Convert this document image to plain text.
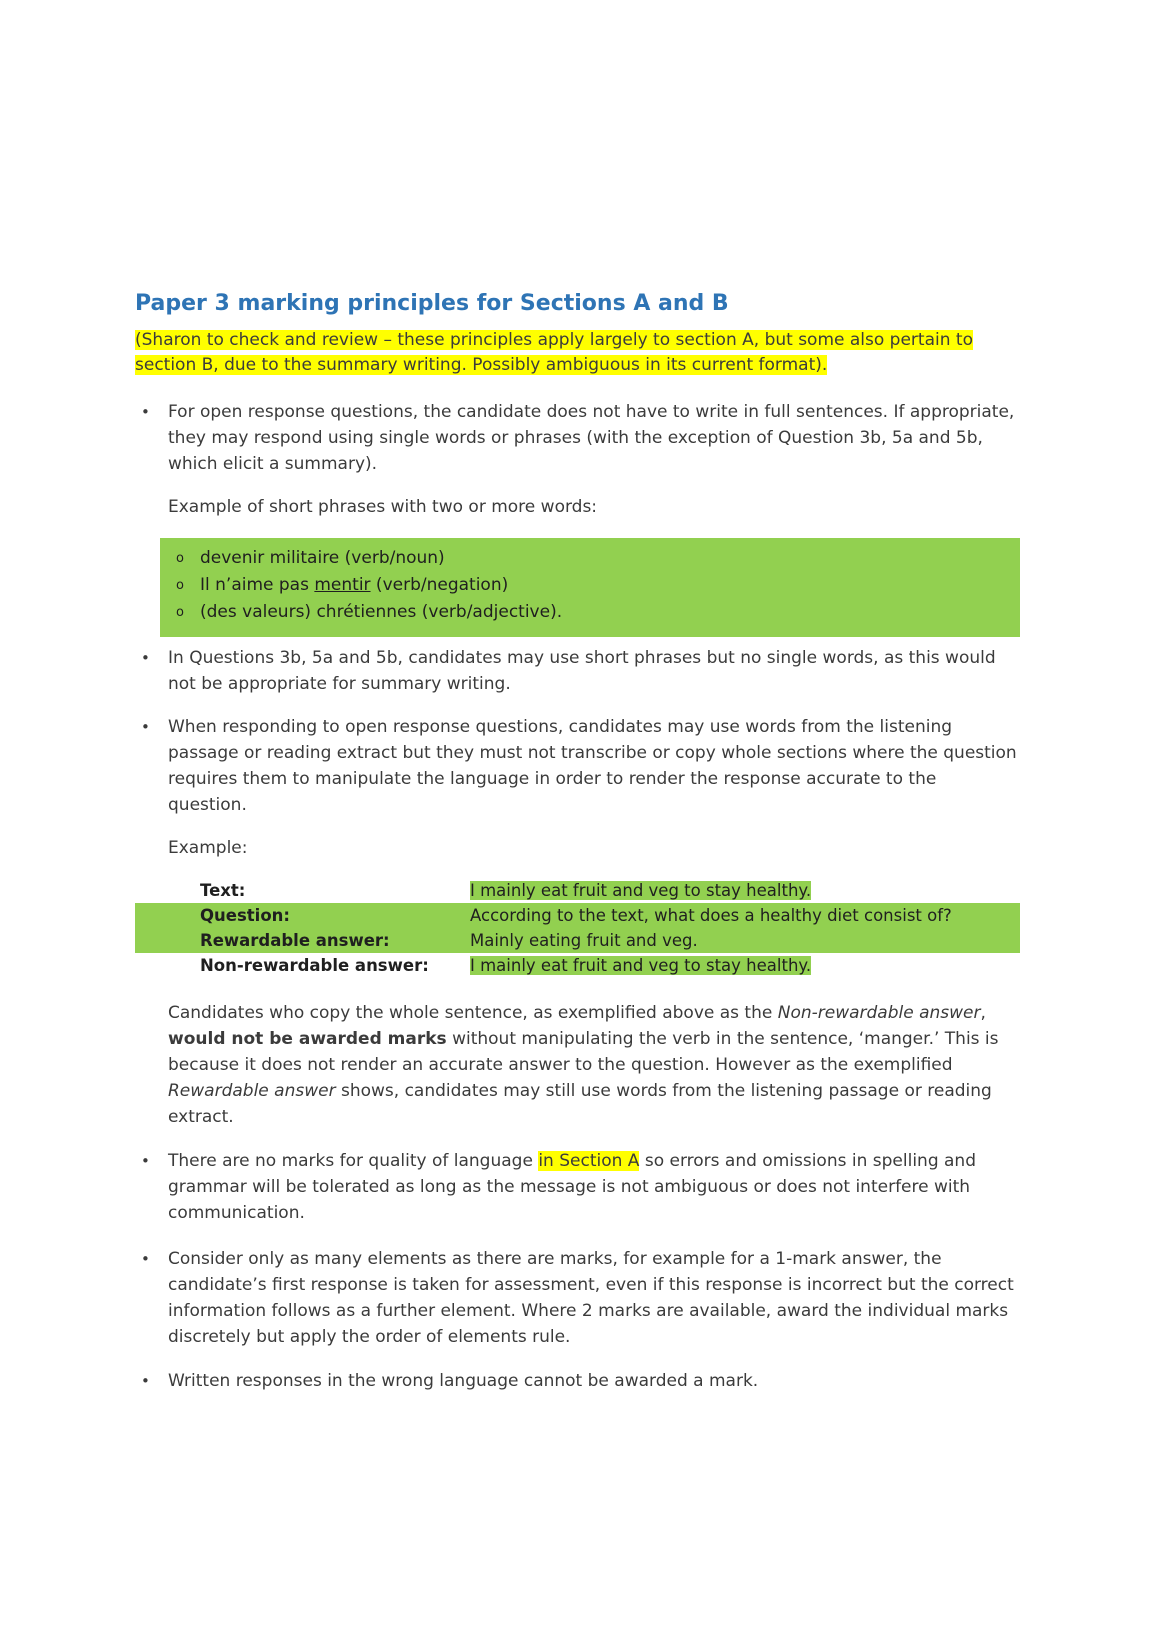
Paper 3 marking principles for Sections A and B

(Sharon to check and review – these principles apply largely to section A, but some also pertain to section B, due to the summary writing. Possibly ambiguous in its current format).

•	For open response questions, the candidate does not have to write in full sentences. If appropriate, they may respond using single words or phrases (with the exception of Question 3b, 5a and 5b, which elicit a summary).

Example of short phrases with two or more words:

o devenir militaire (verb/noun)

o Il n’aime pas mentir (verb/negation)

o (des valeurs) chrétiennes (verb/adjective).

•	In Questions 3b, 5a and 5b, candidates may use short phrases but no single words, as this would not be appropriate for summary writing.

•	When responding to open response questions, candidates may use words from the listening passage or reading extract but they must not transcribe or copy whole sections where the question requires them to manipulate the language in order to render the response accurate to the question.

Example:

Text:	I mainly eat fruit and veg to stay healthy.
Question:	According to the text, what does a healthy diet consist of?
Rewardable answer:	Mainly eating fruit and veg.
Non-rewardable answer:	I mainly eat fruit and veg to stay healthy.

Candidates who copy the whole sentence, as exemplified above as the Non-rewardable answer, would not be awarded marks without manipulating the verb in the sentence, ‘manger.’ This is because it does not render an accurate answer to the question. However as the exemplified Rewardable answer shows, candidates may still use words from the listening passage or reading extract.

•	There are no marks for quality of language in Section A so errors and omissions in spelling and grammar will be tolerated as long as the message is not ambiguous or does not interfere with communication.

•	Consider only as many elements as there are marks, for example for a 1-mark answer, the candidate’s first response is taken for assessment, even if this response is incorrect but the correct information follows as a further element. Where 2 marks are available, award the individual marks discretely but apply the order of elements rule.

•	Written responses in the wrong language cannot be awarded a mark.
